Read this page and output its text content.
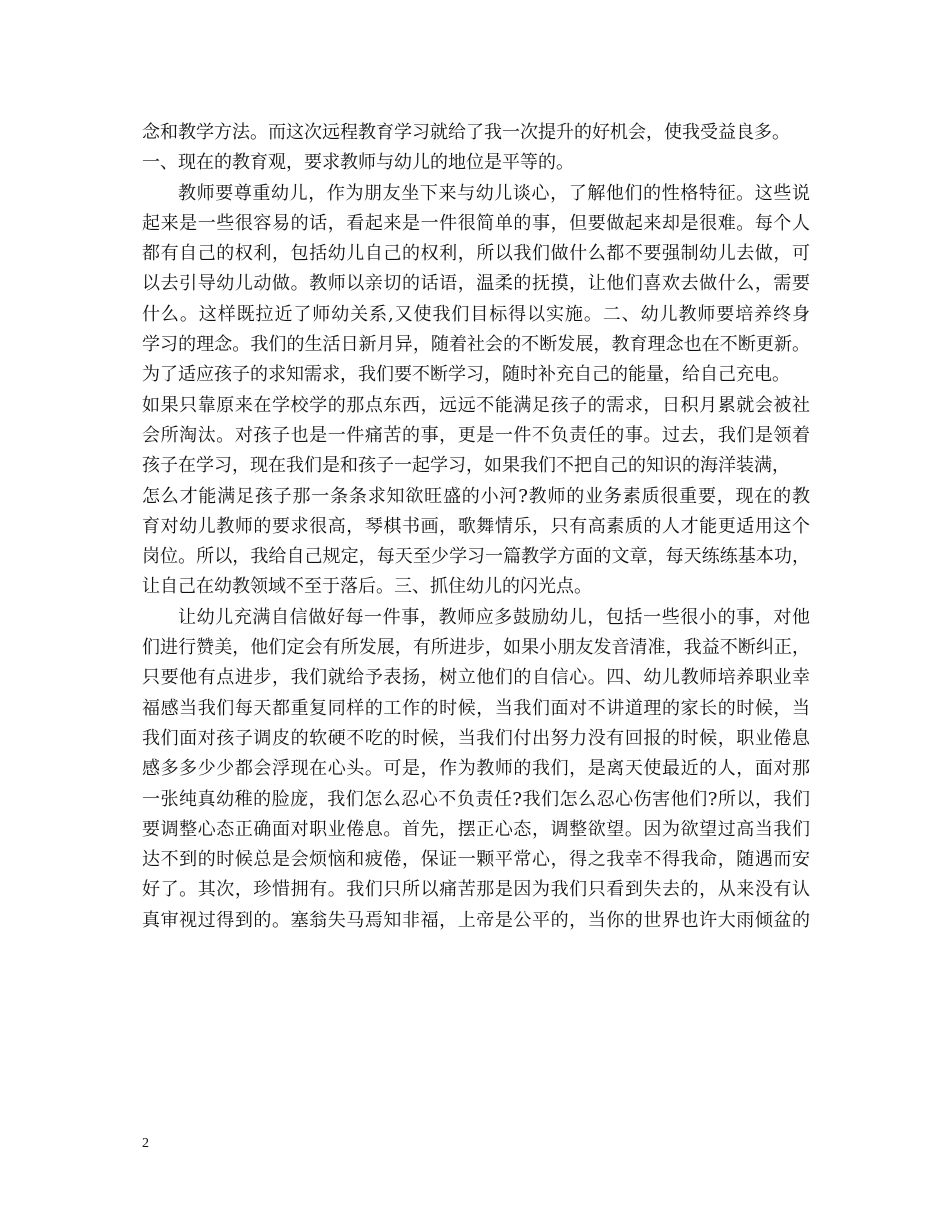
念和教学方法。而这次远程教育学习就给了我一次提升的好机会，使我受益良多。
一、现在的教育观，要求教师与幼儿的地位是平等的。
教师要尊重幼儿，作为朋友坐下来与幼儿谈心，了解他们的性格特征。这些说
起来是一些很容易的话，看起来是一件很简单的事，但要做起来却是很难。每个人
都有自己的权利，包括幼儿自己的权利，所以我们做什么都不要强制幼儿去做，可
以去引导幼儿动做。教师以亲切的话语，温柔的抚摸，让他们喜欢去做什么，需要
什么。这样既拉近了师幼关系,又使我们目标得以实施。二、幼儿教师要培养终身
学习的理念。我们的生活日新月异，随着社会的不断发展，教育理念也在不断更新。
为了适应孩子的求知需求，我们要不断学习，随时补充自己的能量，给自己充电。
如果只靠原来在学校学的那点东西，远远不能满足孩子的需求，日积月累就会被社
会所淘汰。对孩子也是一件痛苦的事，更是一件不负责任的事。过去，我们是领着
孩子在学习，现在我们是和孩子一起学习，如果我们不把自己的知识的海洋装满，
怎么才能满足孩子那一条条求知欲旺盛的小河?教师的业务素质很重要，现在的教
育对幼儿教师的要求很高，琴棋书画，歌舞情乐，只有高素质的人才能更适用这个
岗位。所以，我给自己规定，每天至少学习一篇教学方面的文章，每天练练基本功，
让自己在幼教领域不至于落后。三、抓住幼儿的闪光点。
让幼儿充满自信做好每一件事，教师应多鼓励幼儿，包括一些很小的事，对他
们进行赞美，他们定会有所发展，有所进步，如果小朋友发音清准，我益不断纠正，
只要他有点进步，我们就给予表扬，树立他们的自信心。四、幼儿教师培养职业幸
福感当我们每天都重复同样的工作的时候，当我们面对不讲道理的家长的时候，当
我们面对孩子调皮的软硬不吃的时候，当我们付出努力没有回报的时候，职业倦息
感多多少少都会浮现在心头。可是，作为教师的我们，是离天使最近的人，面对那
一张纯真幼稚的脸庞，我们怎么忍心不负责任?我们怎么忍心伤害他们?所以，我们
要调整心态正确面对职业倦息。首先，摆正心态，调整欲望。因为欲望过高当我们
达不到的时候总是会烦恼和疲倦，保证一颗平常心，得之我幸不得我命，随遇而安
好了。其次，珍惜拥有。我们只所以痛苦那是因为我们只看到失去的，从来没有认
真审视过得到的。塞翁失马焉知非福，上帝是公平的，当你的世界也许大雨倾盆的
2
